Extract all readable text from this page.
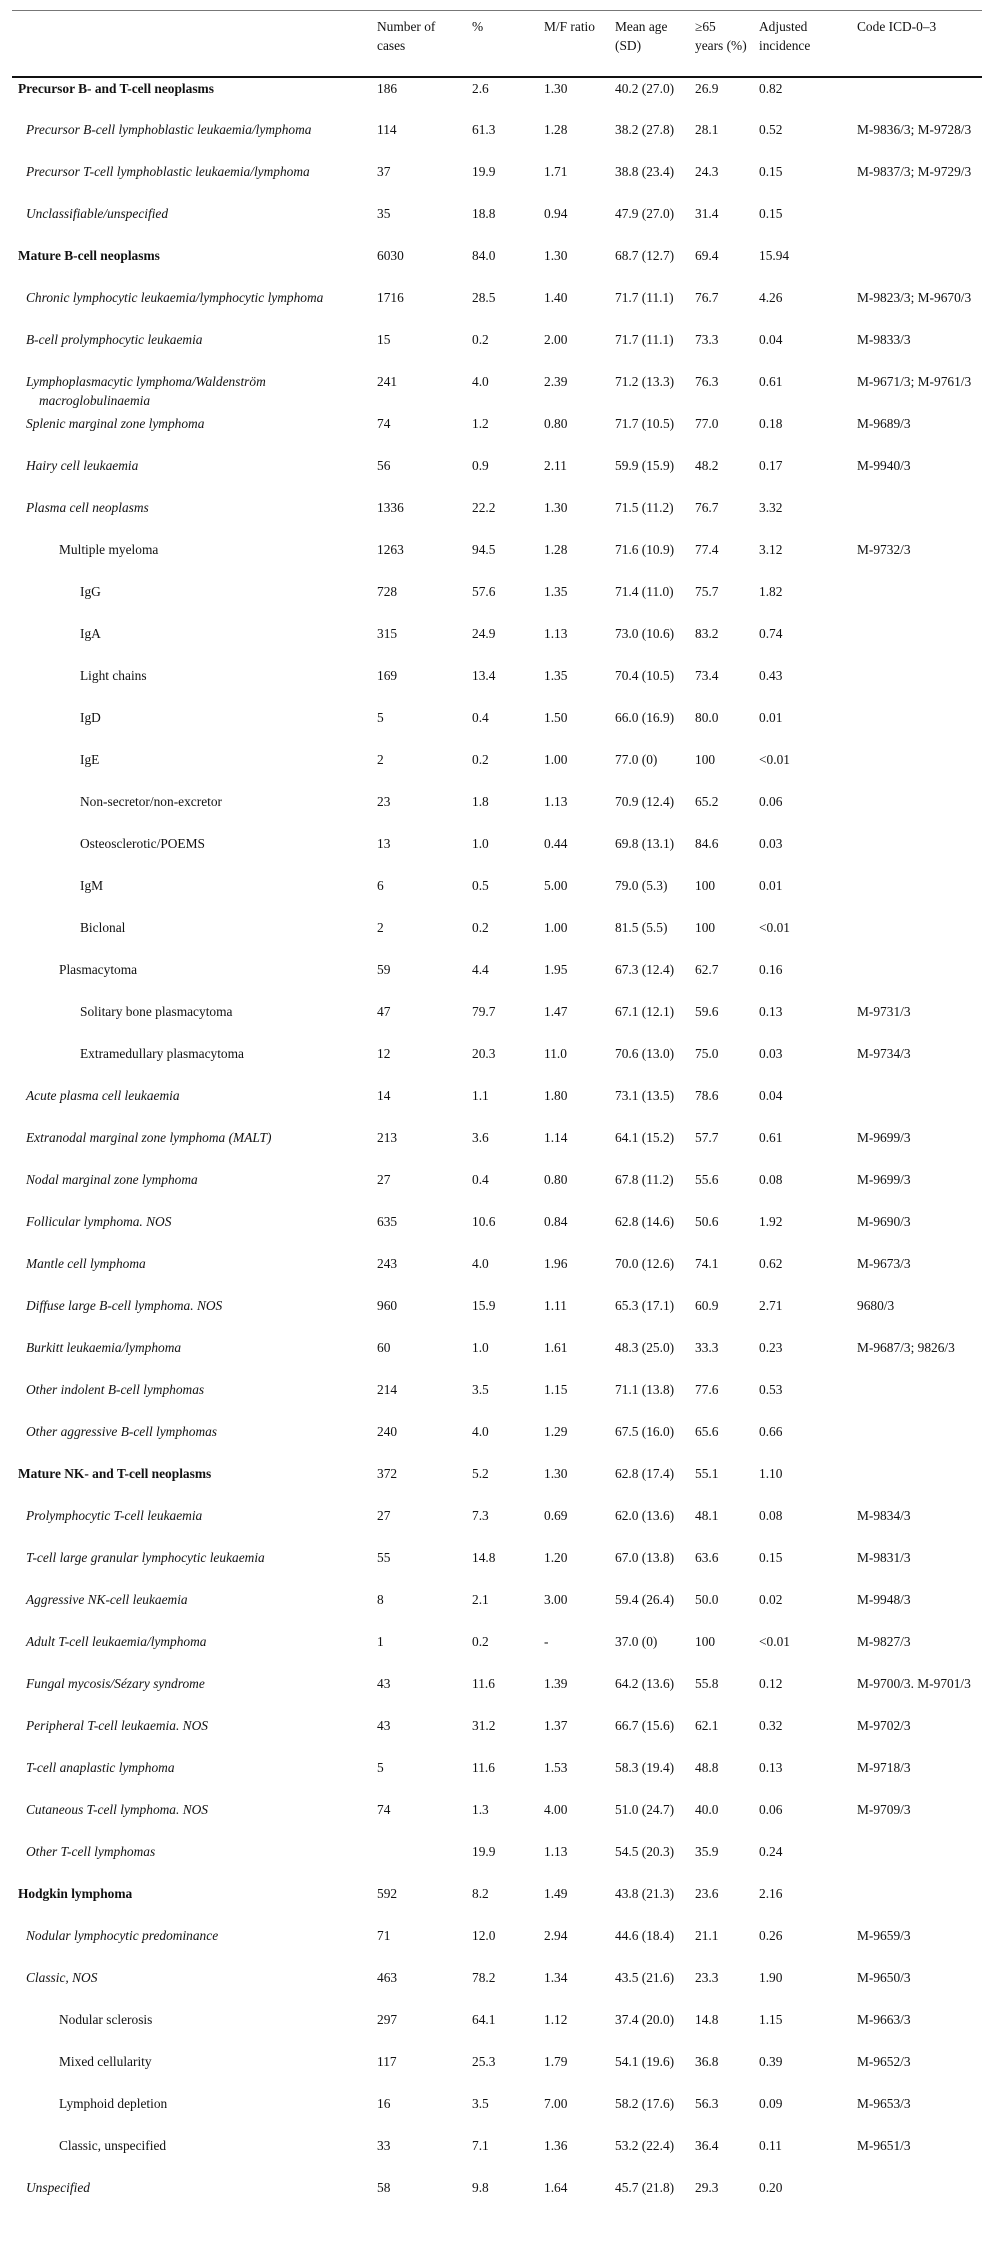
	Number of cases	%	M/F ratio	Mean age (SD)	≥65 years (%)	Adjusted incidence	Code ICD-0–3
Precursor B- and T-cell neoplasms	186	2.6	1.30	40.2 (27.0)	26.9	0.82	
Precursor B-cell lymphoblastic leukaemia/lymphoma	114	61.3	1.28	38.2 (27.8)	28.1	0.52	M-9836/3; M-9728/3
Precursor T-cell lymphoblastic leukaemia/lymphoma	37	19.9	1.71	38.8 (23.4)	24.3	0.15	M-9837/3; M-9729/3
Unclassifiable/unspecified	35	18.8	0.94	47.9 (27.0)	31.4	0.15	
Mature B-cell neoplasms	6030	84.0	1.30	68.7 (12.7)	69.4	15.94	
Chronic lymphocytic leukaemia/lymphocytic lymphoma	1716	28.5	1.40	71.7 (11.1)	76.7	4.26	M-9823/3; M-9670/3
B-cell prolymphocytic leukaemia	15	0.2	2.00	71.7 (11.1)	73.3	0.04	M-9833/3
Lymphoplasmacytic lymphoma/Waldenström macroglobulinaemia	241	4.0	2.39	71.2 (13.3)	76.3	0.61	M-9671/3; M-9761/3
Splenic marginal zone lymphoma	74	1.2	0.80	71.7 (10.5)	77.0	0.18	M-9689/3
Hairy cell leukaemia	56	0.9	2.11	59.9 (15.9)	48.2	0.17	M-9940/3
Plasma cell neoplasms	1336	22.2	1.30	71.5 (11.2)	76.7	3.32	
Multiple myeloma	1263	94.5	1.28	71.6 (10.9)	77.4	3.12	M-9732/3
IgG	728	57.6	1.35	71.4 (11.0)	75.7	1.82	
IgA	315	24.9	1.13	73.0 (10.6)	83.2	0.74	
Light chains	169	13.4	1.35	70.4 (10.5)	73.4	0.43	
IgD	5	0.4	1.50	66.0 (16.9)	80.0	0.01	
IgE	2	0.2	1.00	77.0 (0)	100	<0.01	
Non-secretor/non-excretor	23	1.8	1.13	70.9 (12.4)	65.2	0.06	
Osteosclerotic/POEMS	13	1.0	0.44	69.8 (13.1)	84.6	0.03	
IgM	6	0.5	5.00	79.0 (5.3)	100	0.01	
Biclonal	2	0.2	1.00	81.5 (5.5)	100	<0.01	
Plasmacytoma	59	4.4	1.95	67.3 (12.4)	62.7	0.16	
Solitary bone plasmacytoma	47	79.7	1.47	67.1 (12.1)	59.6	0.13	M-9731/3
Extramedullary plasmacytoma	12	20.3	11.0	70.6 (13.0)	75.0	0.03	M-9734/3
Acute plasma cell leukaemia	14	1.1	1.80	73.1 (13.5)	78.6	0.04	
Extranodal marginal zone lymphoma (MALT)	213	3.6	1.14	64.1 (15.2)	57.7	0.61	M-9699/3
Nodal marginal zone lymphoma	27	0.4	0.80	67.8 (11.2)	55.6	0.08	M-9699/3
Follicular lymphoma. NOS	635	10.6	0.84	62.8 (14.6)	50.6	1.92	M-9690/3
Mantle cell lymphoma	243	4.0	1.96	70.0 (12.6)	74.1	0.62	M-9673/3
Diffuse large B-cell lymphoma. NOS	960	15.9	1.11	65.3 (17.1)	60.9	2.71	9680/3
Burkitt leukaemia/lymphoma	60	1.0	1.61	48.3 (25.0)	33.3	0.23	M-9687/3; 9826/3
Other indolent B-cell lymphomas	214	3.5	1.15	71.1 (13.8)	77.6	0.53	
Other aggressive B-cell lymphomas	240	4.0	1.29	67.5 (16.0)	65.6	0.66	
Mature NK- and T-cell neoplasms	372	5.2	1.30	62.8 (17.4)	55.1	1.10	
Prolymphocytic T-cell leukaemia	27	7.3	0.69	62.0 (13.6)	48.1	0.08	M-9834/3
T-cell large granular lymphocytic leukaemia	55	14.8	1.20	67.0 (13.8)	63.6	0.15	M-9831/3
Aggressive NK-cell leukaemia	8	2.1	3.00	59.4 (26.4)	50.0	0.02	M-9948/3
Adult T-cell leukaemia/lymphoma	1	0.2	-	37.0 (0)	100	<0.01	M-9827/3
Fungal mycosis/Sézary syndrome	43	11.6	1.39	64.2 (13.6)	55.8	0.12	M-9700/3. M-9701/3
Peripheral T-cell leukaemia. NOS	43	31.2	1.37	66.7 (15.6)	62.1	0.32	M-9702/3
T-cell anaplastic lymphoma	5	11.6	1.53	58.3 (19.4)	48.8	0.13	M-9718/3
Cutaneous T-cell lymphoma. NOS	74	1.3	4.00	51.0 (24.7)	40.0	0.06	M-9709/3
Other T-cell lymphomas		19.9	1.13	54.5 (20.3)	35.9	0.24	
Hodgkin lymphoma	592	8.2	1.49	43.8 (21.3)	23.6	2.16	
Nodular lymphocytic predominance	71	12.0	2.94	44.6 (18.4)	21.1	0.26	M-9659/3
Classic, NOS	463	78.2	1.34	43.5 (21.6)	23.3	1.90	M-9650/3
Nodular sclerosis	297	64.1	1.12	37.4 (20.0)	14.8	1.15	M-9663/3
Mixed cellularity	117	25.3	1.79	54.1 (19.6)	36.8	0.39	M-9652/3
Lymphoid depletion	16	3.5	7.00	58.2 (17.6)	56.3	0.09	M-9653/3
Classic, unspecified	33	7.1	1.36	53.2 (22.4)	36.4	0.11	M-9651/3
Unspecified	58	9.8	1.64	45.7 (21.8)	29.3	0.20	
